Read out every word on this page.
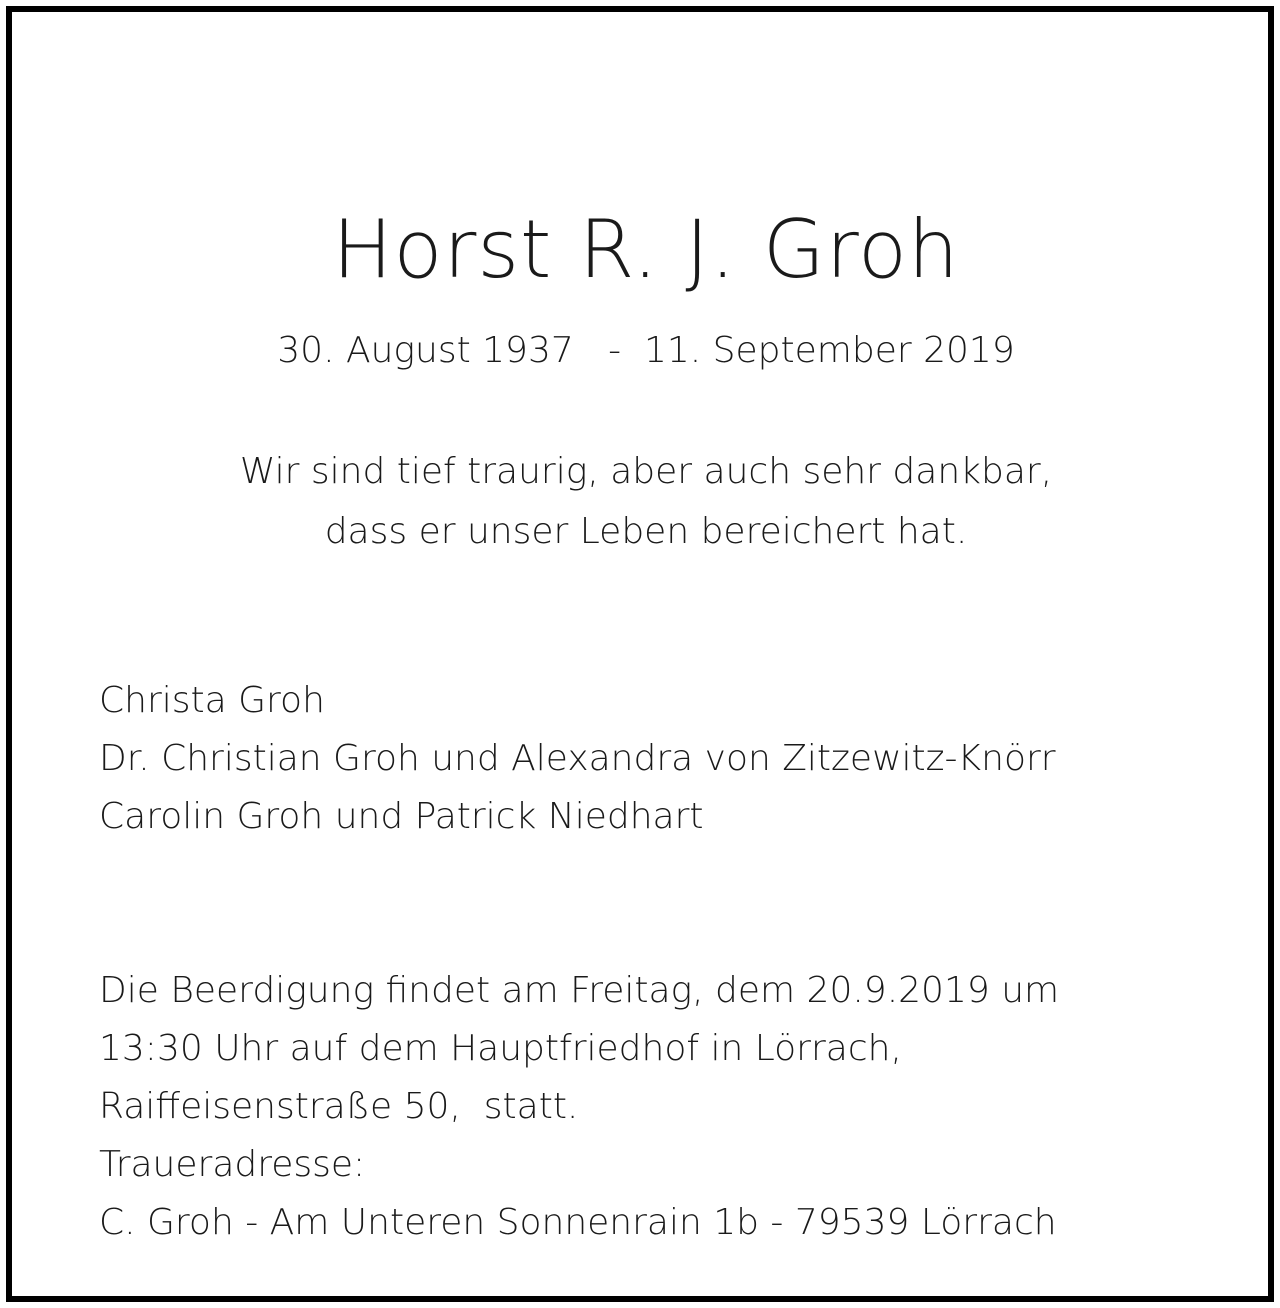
Horst R. J. Groh
30. August 1937   -  11. September 2019
Wir sind tief traurig, aber auch sehr dankbar,
dass er unser Leben bereichert hat.
Christa Groh
Dr. Christian Groh und Alexandra von Zitzewitz-Knörr
Carolin Groh und Patrick Niedhart
Die Beerdigung findet am Freitag, dem 20.9.2019 um
13:30 Uhr auf dem Hauptfriedhof in Lörrach,
Raiffeisenstraße 50,  statt.
Traueradresse:
C. Groh - Am Unteren Sonnenrain 1b - 79539 Lörrach
